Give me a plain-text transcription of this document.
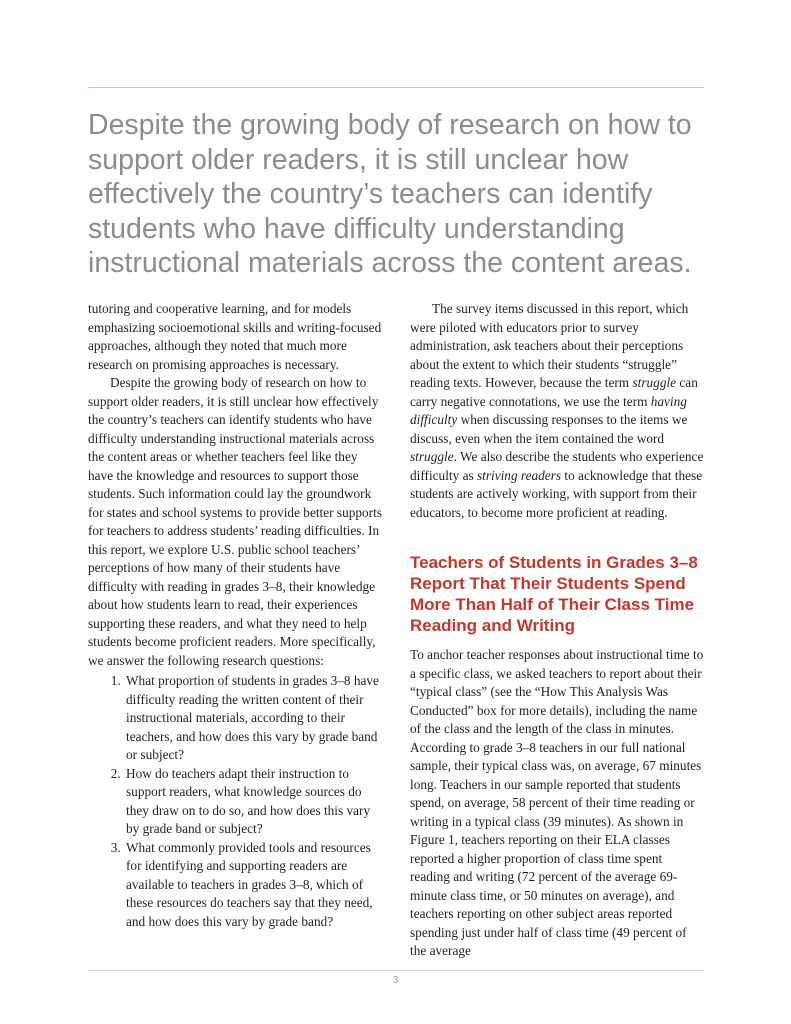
Despite the growing body of research on how to support older readers, it is still unclear how effectively the country’s teachers can identify students who have difficulty understanding instructional materials across the content areas.

tutoring and cooperative learning, and for models emphasizing socioemotional skills and writing-focused approaches, although they noted that much more research on promising approaches is necessary.

Despite the growing body of research on how to support older readers, it is still unclear how effectively the country’s teachers can identify students who have difficulty understanding instructional materials across the content areas or whether teachers feel like they have the knowledge and resources to support those students. Such information could lay the groundwork for states and school systems to provide better supports for teachers to address students’ reading difficulties. In this report, we explore U.S. public school teachers’ perceptions of how many of their students have difficulty with reading in grades 3–8, their knowledge about how students learn to read, their experiences supporting these readers, and what they need to help students become proficient readers. More specifically, we answer the following research questions:

1. What proportion of students in grades 3–8 have difficulty reading the written content of their instructional materials, according to their teachers, and how does this vary by grade band or subject?
2. How do teachers adapt their instruction to support readers, what knowledge sources do they draw on to do so, and how does this vary by grade band or subject?
3. What commonly provided tools and resources for identifying and supporting readers are available to teachers in grades 3–8, which of these resources do teachers say that they need, and how does this vary by grade band?

The survey items discussed in this report, which were piloted with educators prior to survey administration, ask teachers about their perceptions about the extent to which their students “struggle” reading texts. However, because the term struggle can carry negative connotations, we use the term having difficulty when discussing responses to the items we discuss, even when the item contained the word struggle. We also describe the students who experience difficulty as striving readers to acknowledge that these students are actively working, with support from their educators, to become more proficient at reading.

Teachers of Students in Grades 3–8 Report That Their Students Spend More Than Half of Their Class Time Reading and Writing

To anchor teacher responses about instructional time to a specific class, we asked teachers to report about their “typical class” (see the “How This Analysis Was Conducted” box for more details), including the name of the class and the length of the class in minutes. According to grade 3–8 teachers in our full national sample, their typical class was, on average, 67 minutes long. Teachers in our sample reported that students spend, on average, 58 percent of their time reading or writing in a typical class (39 minutes). As shown in Figure 1, teachers reporting on their ELA classes reported a higher proportion of class time spent reading and writing (72 percent of the average 69-minute class time, or 50 minutes on average), and teachers reporting on other subject areas reported spending just under half of class time (49 percent of the average

3
